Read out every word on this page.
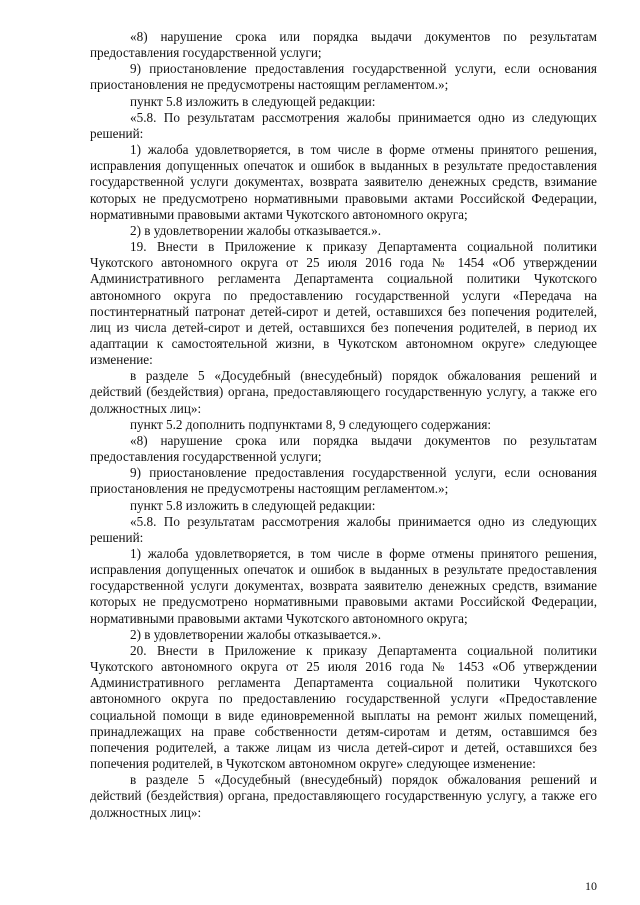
«8) нарушение срока или порядка выдачи документов по результатам предоставления государственной услуги;

9) приостановление предоставления государственной услуги, если основания приостановления не предусмотрены настоящим регламентом.»;

пункт 5.8 изложить в следующей редакции:

«5.8. По результатам рассмотрения жалобы принимается одно из следующих решений:

1) жалоба удовлетворяется, в том числе в форме отмены принятого решения, исправления допущенных опечаток и ошибок в выданных в результате предоставления государственной услуги документах, возврата заявителю денежных средств, взимание которых не предусмотрено нормативными правовыми актами Российской Федерации, нормативными правовыми актами Чукотского автономного округа;

2) в удовлетворении жалобы отказывается.».

19. Внести в Приложение к приказу Департамента социальной политики Чукотского автономного округа от 25 июля 2016 года № 1454 «Об утверждении Административного регламента Департамента социальной политики Чукотского автономного округа по предоставлению государственной услуги «Передача на постинтернатный патронат детей-сирот и детей, оставшихся без попечения родителей, лиц из числа детей-сирот и детей, оставшихся без попечения родителей, в период их адаптации к самостоятельной жизни, в Чукотском автономном округе» следующее изменение:

в разделе 5 «Досудебный (внесудебный) порядок обжалования решений и действий (бездействия) органа, предоставляющего государственную услугу, а также его должностных лиц»:

пункт 5.2 дополнить подпунктами 8, 9 следующего содержания:

«8) нарушение срока или порядка выдачи документов по результатам предоставления государственной услуги;

9) приостановление предоставления государственной услуги, если основания приостановления не предусмотрены настоящим регламентом.»;

пункт 5.8 изложить в следующей редакции:

«5.8. По результатам рассмотрения жалобы принимается одно из следующих решений:

1) жалоба удовлетворяется, в том числе в форме отмены принятого решения, исправления допущенных опечаток и ошибок в выданных в результате предоставления государственной услуги документах, возврата заявителю денежных средств, взимание которых не предусмотрено нормативными правовыми актами Российской Федерации, нормативными правовыми актами Чукотского автономного округа;

2) в удовлетворении жалобы отказывается.».

20. Внести в Приложение к приказу Департамента социальной политики Чукотского автономного округа от 25 июля 2016 года № 1453 «Об утверждении Административного регламента Департамента социальной политики Чукотского автономного округа по предоставлению государственной услуги «Предоставление социальной помощи в виде единовременной выплаты на ремонт жилых помещений, принадлежащих на праве собственности детям-сиротам и детям, оставшимся без попечения родителей, а также лицам из числа детей-сирот и детей, оставшихся без попечения родителей, в Чукотском автономном округе» следующее изменение:

в разделе 5 «Досудебный (внесудебный) порядок обжалования решений и действий (бездействия) органа, предоставляющего государственную услугу, а также его должностных лиц»:

10
